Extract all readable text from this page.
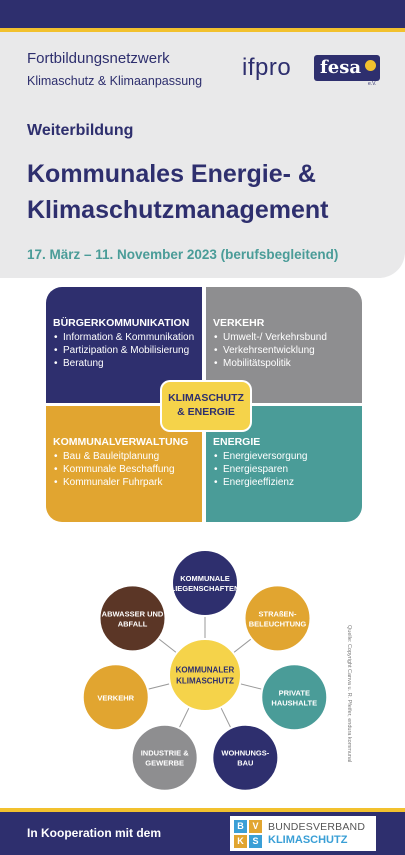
Fortbildungsnetzwerk
Klimaschutz & Klimaanpassung ifpro	fesa
e.V.
Weiterbildung
Kommunales Energie- &
Klimaschutzmanagement
17. März – 11. November 2023 (berufsbegleitend)
BÜRGERKOMMUNIKATION
• Information & Kommunikation
• Partizipation & Mobilisierung
• Beratung
VERKEHR
• Umwelt-/ Verkehrsbund
• Verkehrsentwicklung
• Mobilitätspolitik
KOMMUNALVERWALTUNG
• Bau & Bauleitplanung
• Kommunale Beschaffung
• Kommunaler Fuhrpark
ENERGIE
• Energieversorgung
• Energiesparen
• Energieeffizienz
KLIMASCHUTZ
& ENERGIE
KOMMUNALE
LIEGENSCHAFTEN
STRAßEN-
BELEUCHTUNG
PRIVATE
HAUSHALTE
WOHNUNGS-
BAU
INDUSTRIE &
GEWERBE
VERKEHR
ABWASSER UND
ABFALL
KOMMUNALER
KLIMASCHUTZ	Quelle: Copyright Canva u. R. Pfeifer, endura kommunal
In Kooperation mit dem	B V
K S
BUNDESVERBAND
KLIMASCHUTZ
